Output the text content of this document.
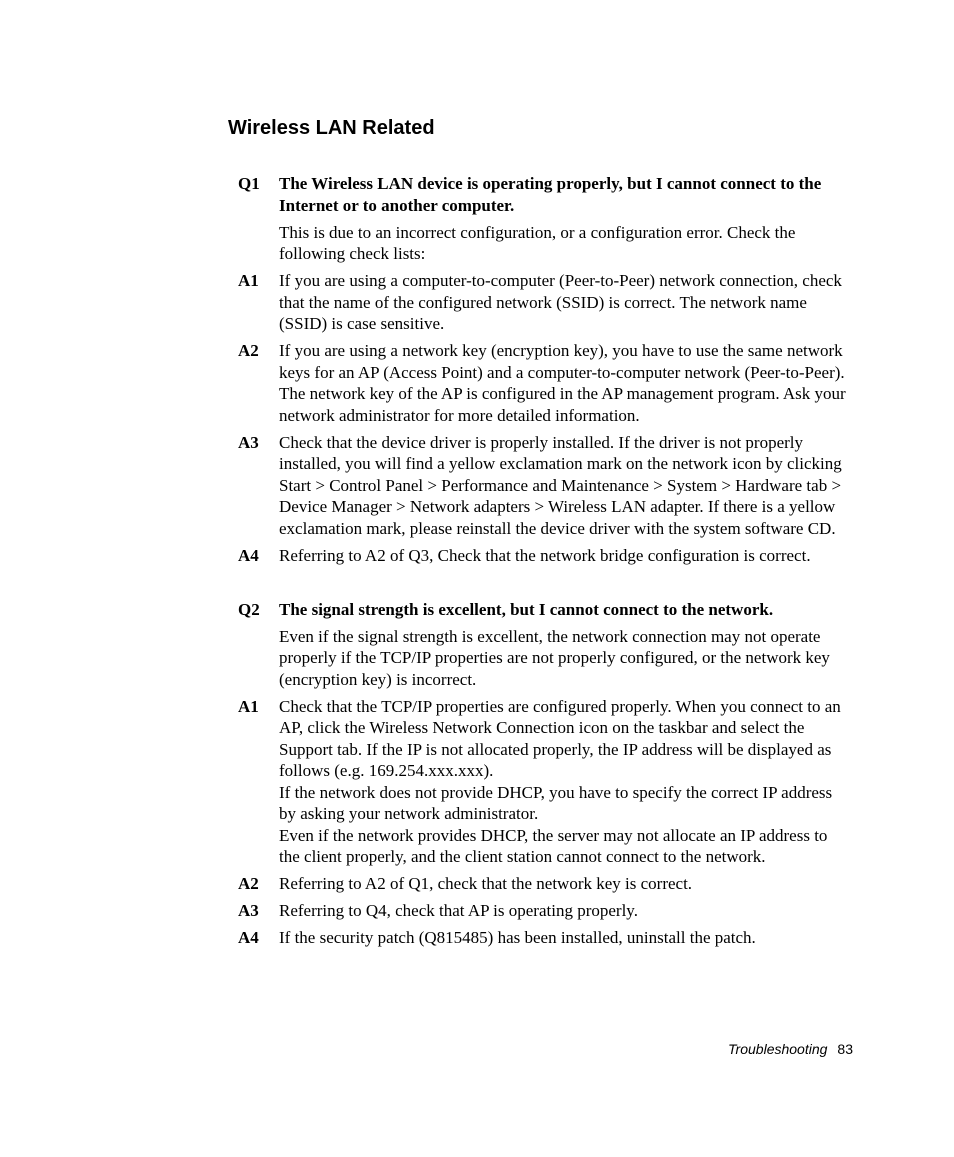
Wireless LAN Related
Q1	The Wireless LAN device is operating properly, but I cannot connect to the Internet or to another computer.
This is due to an incorrect configuration, or a configuration error. Check the following check lists:
A1	If you are using a computer-to-computer (Peer-to-Peer) network connection, check that the name of the configured network (SSID) is correct. The network name (SSID) is case sensitive.
A2	If you are using a network key (encryption key), you have to use the same network keys for an AP (Access Point) and a computer-to-computer network (Peer-to-Peer). The network key of the AP is configured in the AP management program. Ask your network administrator for more detailed information.
A3	Check that the device driver is properly installed. If the driver is not properly installed, you will find a yellow exclamation mark on the network icon by clicking Start > Control Panel > Performance and Maintenance > System > Hardware tab > Device Manager > Network adapters > Wireless LAN adapter. If there is a yellow exclamation mark, please reinstall the device driver with the system software CD.
A4	Referring to A2 of Q3, Check that the network bridge configuration is correct.
Q2	The signal strength is excellent, but I cannot connect to the network.
Even if the signal strength is excellent, the network connection may not operate properly if the TCP/IP properties are not properly configured, or the network key (encryption key) is incorrect.
A1	Check that the TCP/IP properties are configured properly. When you connect to an AP, click the Wireless Network Connection icon on the taskbar and select the Support tab. If the IP is not allocated properly, the IP address will be displayed as follows (e.g. 169.254.xxx.xxx).
If the network does not provide DHCP, you have to specify the correct IP address by asking your network administrator.
Even if the network provides DHCP, the server may not allocate an IP address to the client properly, and the client station cannot connect to the network.
A2	Referring to A2 of Q1, check that the network key is correct.
A3	Referring to Q4, check that AP is operating properly.
A4	If the security patch (Q815485) has been installed, uninstall the patch.
Troubleshooting 83
